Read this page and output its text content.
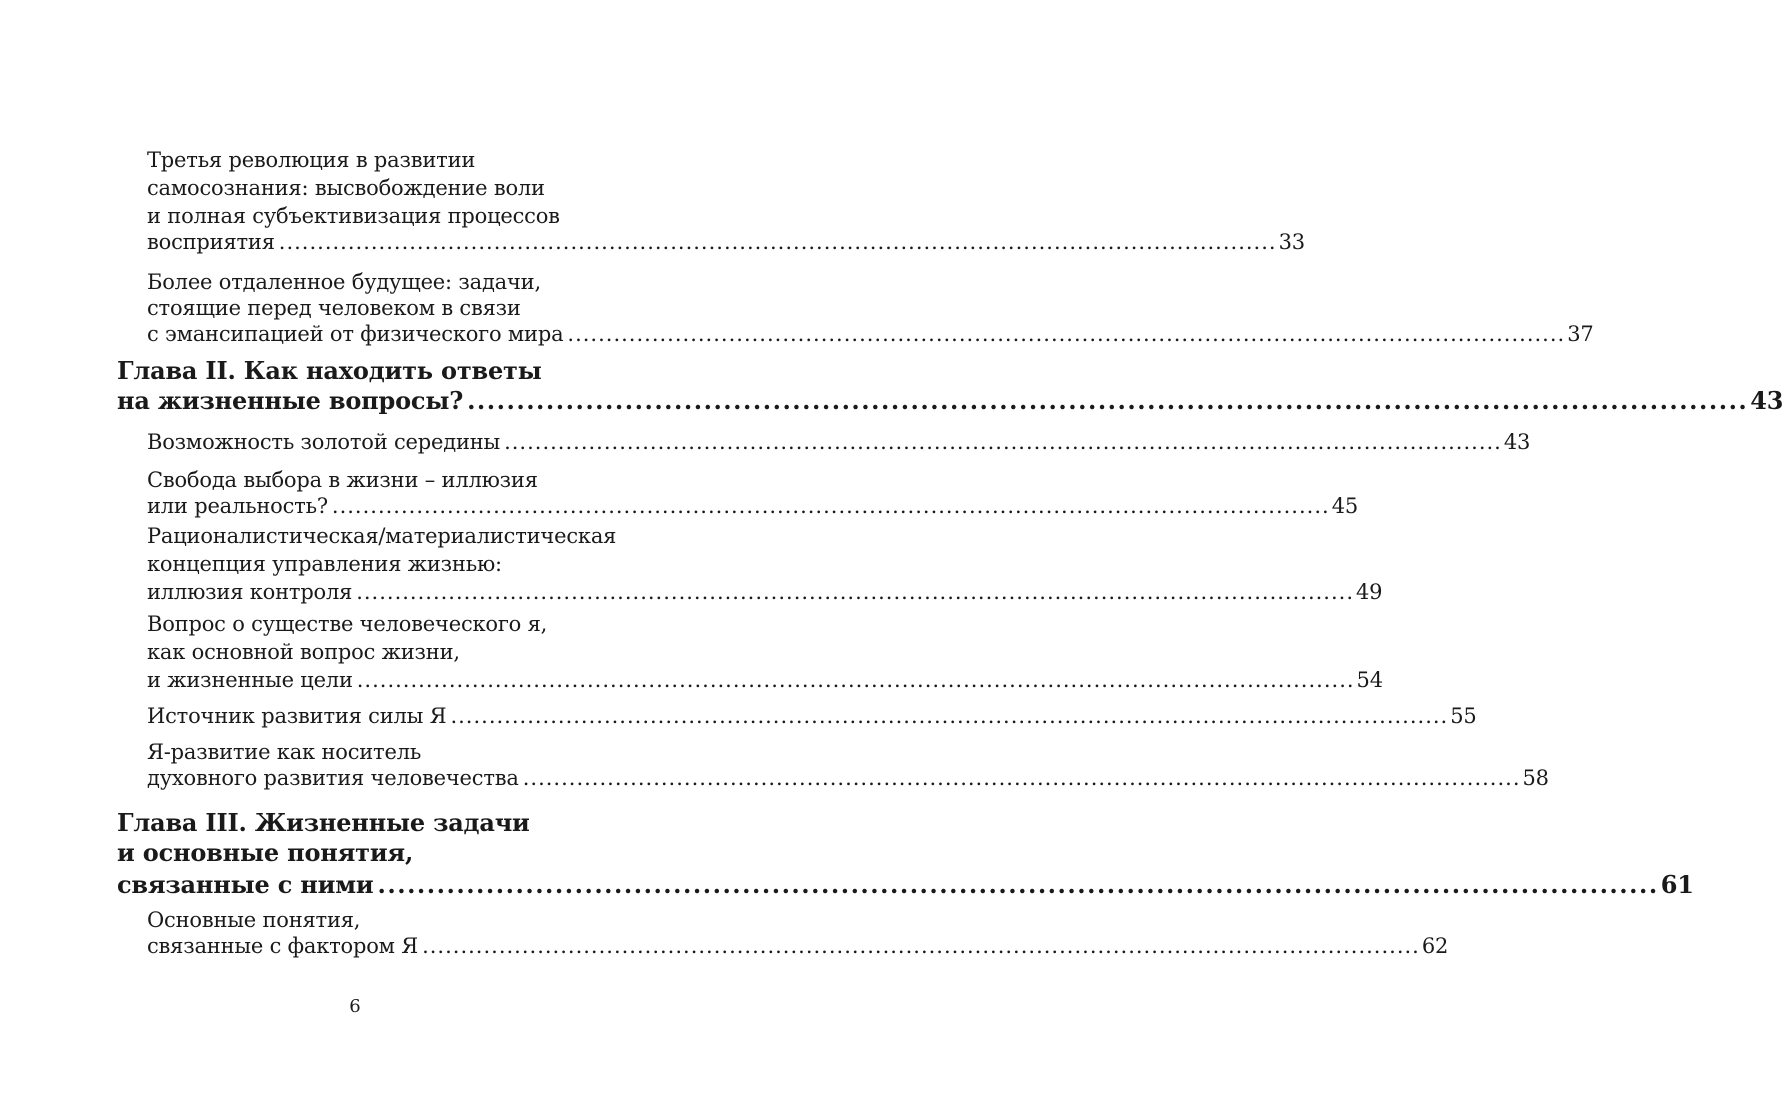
Третья революция в развитии
самосознания: высвобождение воли
и полная субъективизация процессов
восприятия .................................................................................................................................. 33
Более отдаленное будущее: задачи,
стоящие перед человеком в связи
с эмансипацией от физического мира .................................................................................................................................. 37
Глава II. Как находить ответы
на жизненные вопросы? .................................................................................................................................. 43
Возможность золотой середины .................................................................................................................................. 43
Свобода выбора в жизни – иллюзия
или реальность? .................................................................................................................................. 45
Рационалистическая/материалистическая
концепция управления жизнью:
иллюзия контроля .................................................................................................................................. 49
Вопрос о существе человеческого я,
как основной вопрос жизни,
и жизненные цели .................................................................................................................................. 54
Источник развития силы Я .................................................................................................................................. 55
Я-развитие как носитель
духовного развития человечества .................................................................................................................................. 58
Глава III. Жизненные задачи
и основные понятия,
связанные с ними .................................................................................................................................. 61
Основные понятия,
связанные с фактором Я .................................................................................................................................. 62
6
